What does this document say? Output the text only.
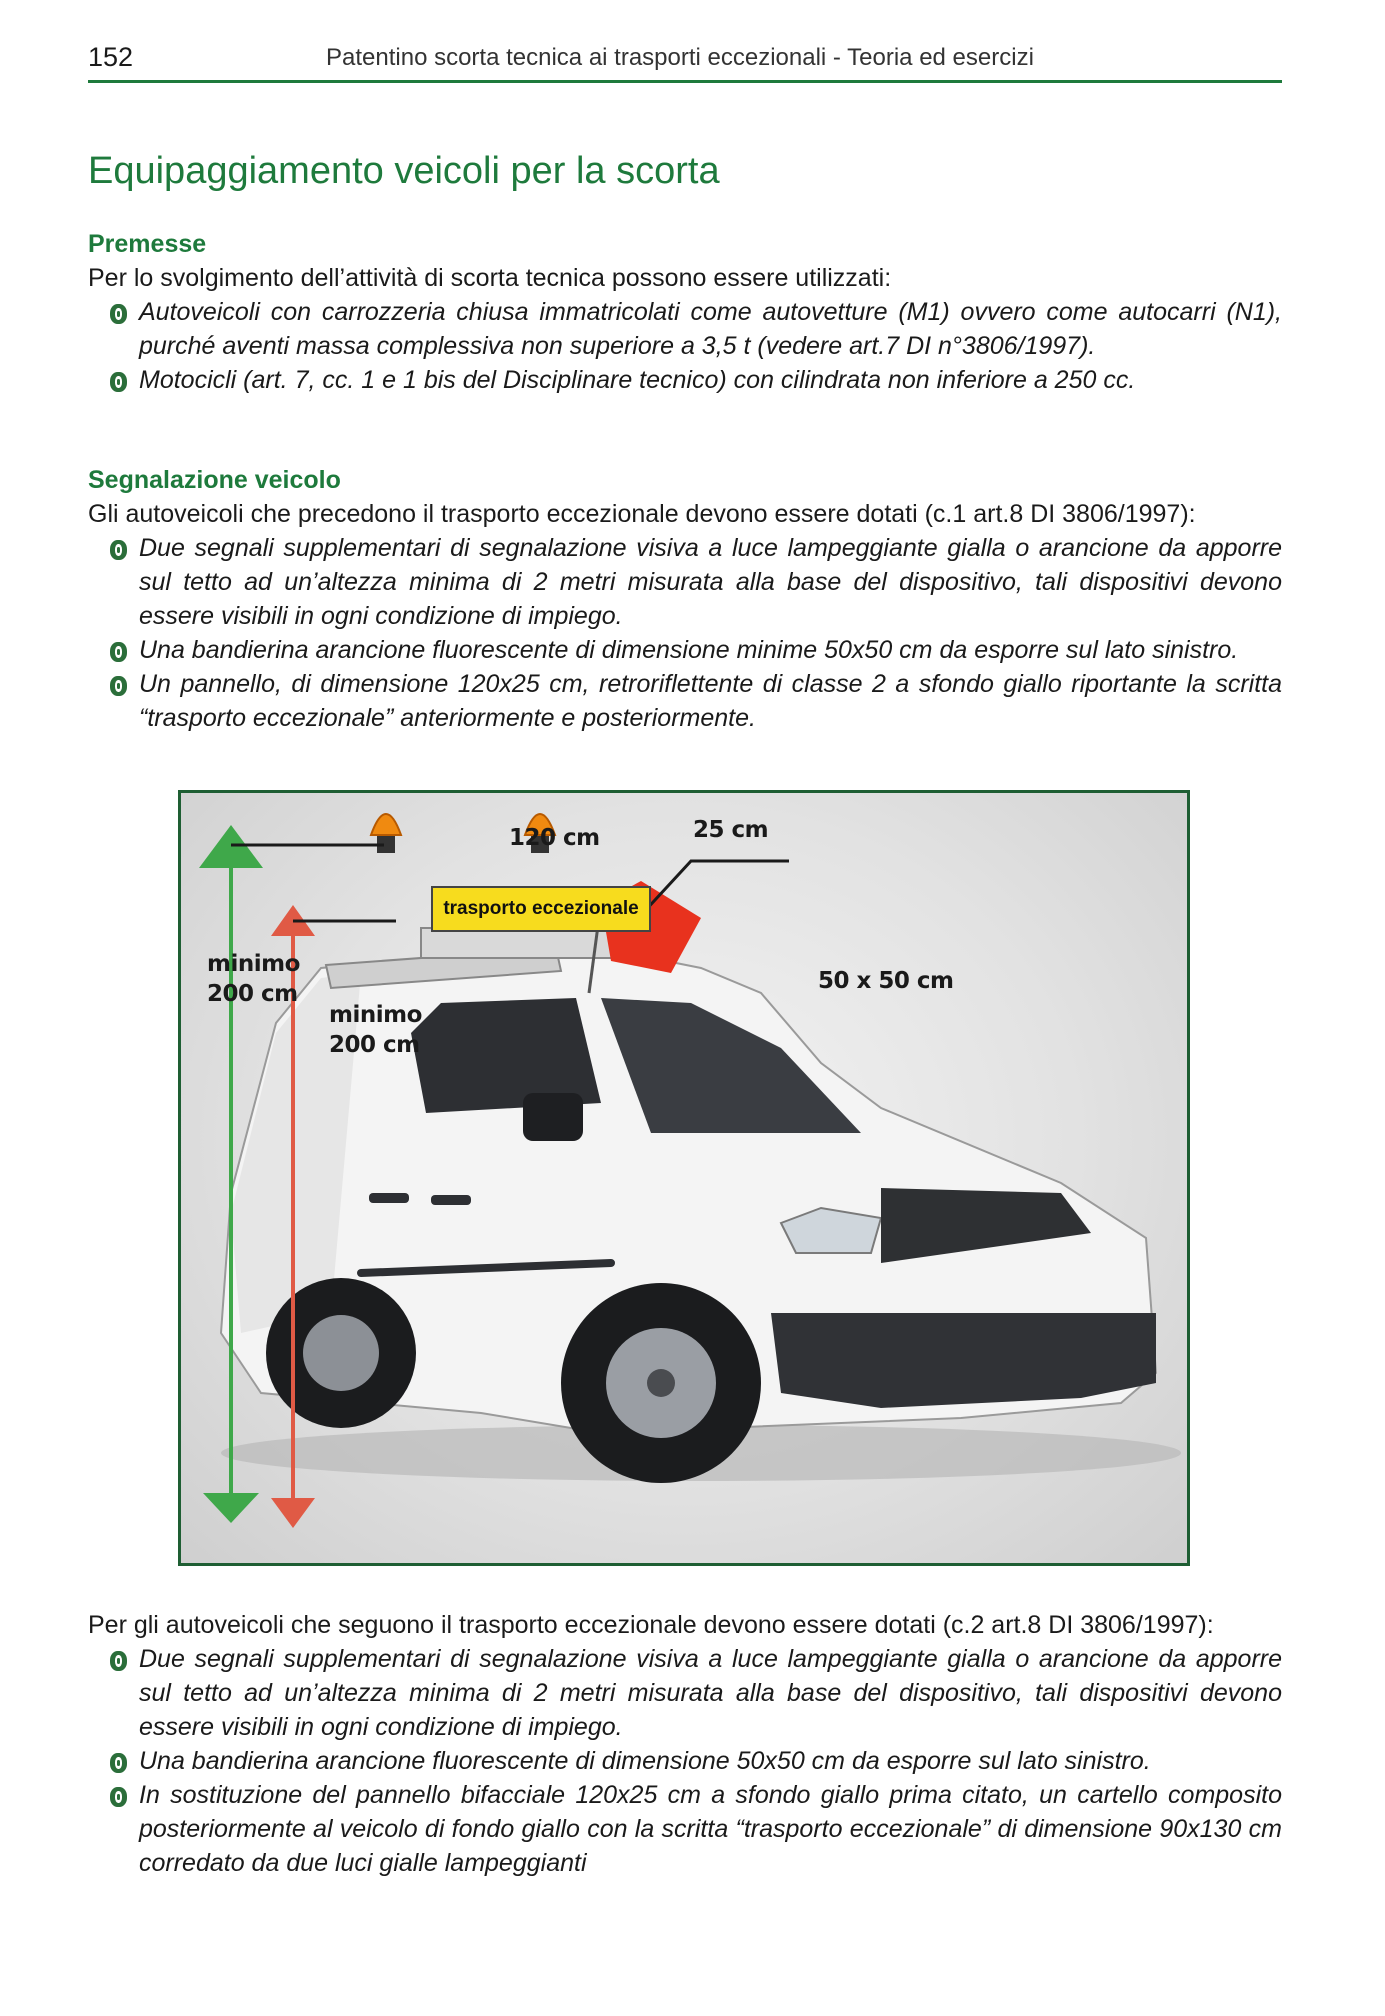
152	Patentino scorta tecnica ai trasporti eccezionali - Teoria ed esercizi
Equipaggiamento veicoli per la scorta
Premesse
Per lo svolgimento dell’attività di scorta tecnica possono essere utilizzati:
Autoveicoli con carrozzeria chiusa immatricolati come autovetture (M1) ovvero come autocarri (N1), purché aventi massa complessiva non superiore a 3,5 t (vedere art.7 DI n°3806/1997).
Motocicli (art. 7, cc. 1 e 1 bis del Disciplinare tecnico) con cilindrata non inferiore a 250 cc.
Segnalazione veicolo
Gli autoveicoli che precedono il trasporto eccezionale devono essere dotati (c.1 art.8 DI 3806/1997):
Due segnali supplementari di segnalazione visiva a luce lampeggiante gialla o arancione da apporre sul tetto ad un’altezza minima di 2 metri misurata alla base del dispositivo, tali dispositivi devono essere visibili in ogni condizione di impiego.
Una bandierina arancione fluorescente di dimensione minime 50x50 cm da esporre sul lato sinistro.
Un pannello, di dimensione 120x25 cm, retroriflettente di classe 2 a sfondo giallo riportante la scritta “trasporto eccezionale” anteriormente e posteriormente.
trasporto eccezionale
120 cm	25 cm
50 x 50 cm
minimo
200 cm
minimo
200 cm
Per gli autoveicoli che seguono il trasporto eccezionale devono essere dotati (c.2 art.8 DI 3806/1997):
Due segnali supplementari di segnalazione visiva a luce lampeggiante gialla o arancione da apporre sul tetto ad un’altezza minima di 2 metri misurata alla base del dispositivo, tali dispositivi devono essere visibili in ogni condizione di impiego.
Una bandierina arancione fluorescente di dimensione 50x50 cm da esporre sul lato sinistro.
In sostituzione del pannello bifacciale 120x25 cm a sfondo giallo prima citato, un cartello composito posteriormente al veicolo di fondo giallo con la scritta “trasporto eccezionale” di dimensione 90x130 cm corredato da due luci gialle lampeggianti
